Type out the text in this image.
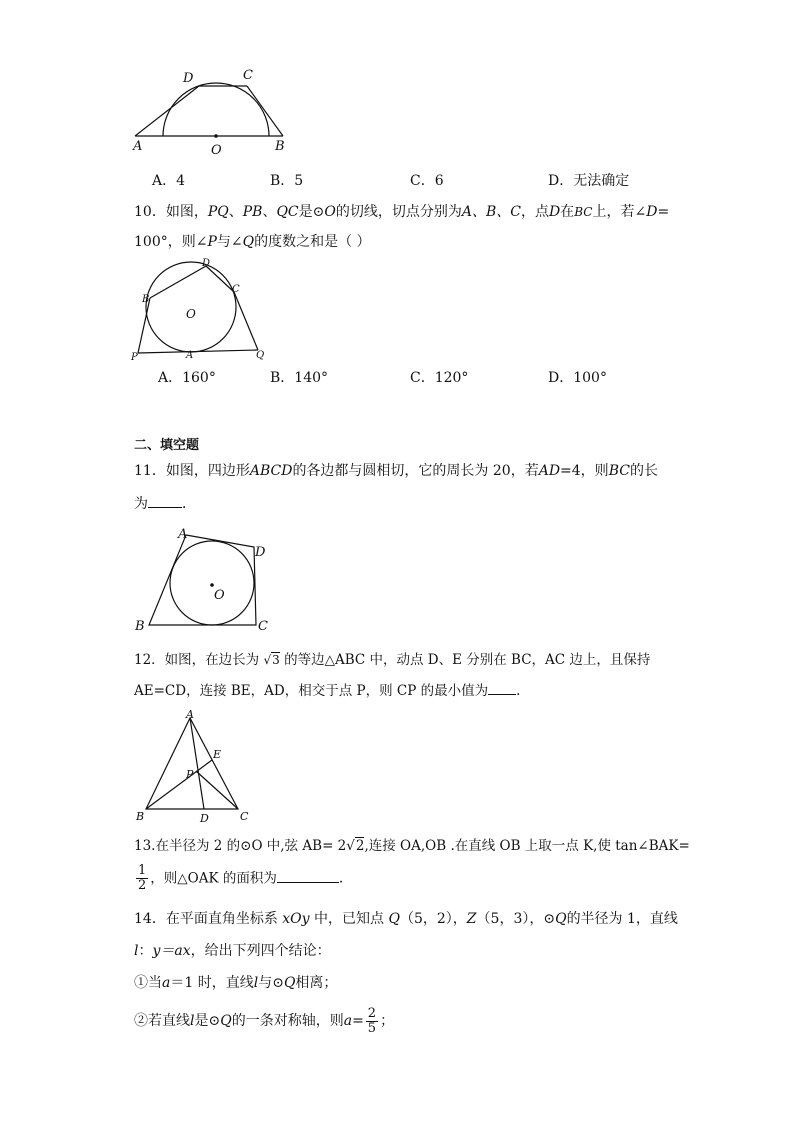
D	C
A	O	B
A．4	B．5	C．6	D．无法确定
10．如图，PQ、PB、QC是⊙O的切线，切点分别为A、B、C，点D在BC上，若∠D=
100°，则∠P与∠Q的度数之和是（ ）
D
C
B
O
P	A	Q
A．160°	B．140°	C．120°	D．100°
二、填空题
11．如图，四边形ABCD的各边都与圆相切，它的周长为 20，若AD=4，则BC的长
为 ．
A
D
O
B	C
12．如图，在边长为 √3 的等边△ABC 中，动点 D、E 分别在 BC，AC 边上，且保持
AE=CD，连接 BE，AD，相交于点 P，则 CP 的最小值为 .
A
E
P
B	D	C
13.在半径为 2 的⊙O 中,弦 AB= 2√2,连接 OA,OB .在直线 OB 上取一点 K,使 tan∠BAK=
$\frac{1}{2}$ ，则△OAK 的面积为	.
14．在平面直角坐标系 xOy 中，已知点 Q（5，2），Z（5，3），⊙Q的半径为 1，直线
l：y＝ax，给出下列四个结论：
①当a＝1 时，直线l与⊙Q相离；
②若直线l是⊙Q的一条对称轴，则$a= \frac{2}{5}$ ；
